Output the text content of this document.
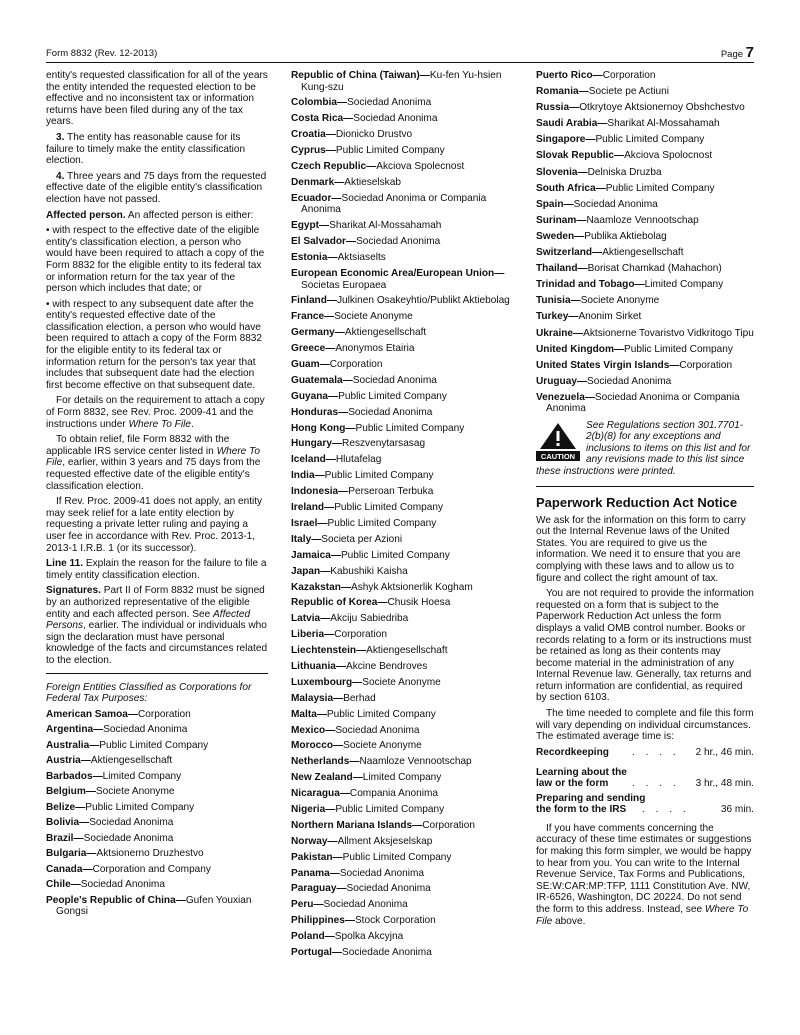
Form 8832 (Rev. 12-2013)	Page 7

entity's requested classification for all of the years the entity intended the requested election to be effective and no inconsistent tax or information returns have been filed during any of the tax years.

3. The entity has reasonable cause for its failure to timely make the entity classification election.

4. Three years and 75 days from the requested effective date of the eligible entity's classification election have not passed.

Affected person. An affected person is either:

• with respect to the effective date of the eligible entity's classification election, a person who would have been required to attach a copy of the Form 8832 for the eligible entity to its federal tax or information return for the tax year of the person which includes that date; or

• with respect to any subsequent date after the entity's requested effective date of the classification election, a person who would have been required to attach a copy of the Form 8832 for the eligible entity to its federal tax or information return for the person's tax year that includes that subsequent date had the election first become effective on that subsequent date.

For details on the requirement to attach a copy of Form 8832, see Rev. Proc. 2009-41 and the instructions under Where To File.

To obtain relief, file Form 8832 with the applicable IRS service center listed in Where To File, earlier, within 3 years and 75 days from the requested effective date of the eligible entity's classification election.

If Rev. Proc. 2009-41 does not apply, an entity may seek relief for a late entity election by requesting a private letter ruling and paying a user fee in accordance with Rev. Proc. 2013-1, 2013-1 I.R.B. 1 (or its successor).

Line 11. Explain the reason for the failure to file a timely entity classification election.

Signatures. Part II of Form 8832 must be signed by an authorized representative of the eligible entity and each affected person. See Affected Persons, earlier. The individual or individuals who sign the declaration must have personal knowledge of the facts and circumstances related to the election.

Foreign Entities Classified as Corporations for Federal Tax Purposes:

American Samoa—Corporation

Argentina—Sociedad Anonima

Australia—Public Limited Company

Austria—Aktiengesellschaft

Barbados—Limited Company

Belgium—Societe Anonyme

Belize—Public Limited Company

Bolivia—Sociedad Anonima

Brazil—Sociedade Anonima

Bulgaria—Aktsionerno Druzhestvo

Canada—Corporation and Company

Chile—Sociedad Anonima

People's Republic of China—Gufen Youxian Gongsi

Republic of China (Taiwan)—Ku-fen Yu-hsien Kung-szu

Colombia—Sociedad Anonima

Costa Rica—Sociedad Anonima

Croatia—Dionicko Drustvo

Cyprus—Public Limited Company

Czech Republic—Akciova Spolecnost

Denmark—Aktieselskab

Ecuador—Sociedad Anonima or Compania Anonima

Egypt—Sharikat Al-Mossahamah

El Salvador—Sociedad Anonima

Estonia—Aktsiaselts

European Economic Area/European Union—Societas Europaea

Finland—Julkinen Osakeyhtio/Publikt Aktiebolag

France—Societe Anonyme

Germany—Aktiengesellschaft

Greece—Anonymos Etairia

Guam—Corporation

Guatemala—Sociedad Anonima

Guyana—Public Limited Company

Honduras—Sociedad Anonima

Hong Kong—Public Limited Company

Hungary—Reszvenytarsasag

Iceland—Hlutafelag

India—Public Limited Company

Indonesia—Perseroan Terbuka

Ireland—Public Limited Company

Israel—Public Limited Company

Italy—Societa per Azioni

Jamaica—Public Limited Company

Japan—Kabushiki Kaisha

Kazakstan—Ashyk Aktsionerlik Kogham

Republic of Korea—Chusik Hoesa

Latvia—Akciju Sabiedriba

Liberia—Corporation

Liechtenstein—Aktiengesellschaft

Lithuania—Akcine Bendroves

Luxembourg—Societe Anonyme

Malaysia—Berhad

Malta—Public Limited Company

Mexico—Sociedad Anonima

Morocco—Societe Anonyme

Netherlands—Naamloze Vennootschap

New Zealand—Limited Company

Nicaragua—Compania Anonima

Nigeria—Public Limited Company

Northern Mariana Islands—Corporation

Norway—Allment Aksjeselskap

Pakistan—Public Limited Company

Panama—Sociedad Anonima

Paraguay—Sociedad Anonima

Peru—Sociedad Anonima

Philippines—Stock Corporation

Poland—Spolka Akcyjna

Portugal—Sociedade Anonima

Puerto Rico—Corporation

Romania—Societe pe Actiuni

Russia—Otkrytoye Aktsionernoy Obshchestvo

Saudi Arabia—Sharikat Al-Mossahamah

Singapore—Public Limited Company

Slovak Republic—Akciova Spolocnost

Slovenia—Delniska Druzba

South Africa—Public Limited Company

Spain—Sociedad Anonima

Surinam—Naamloze Vennootschap

Sweden—Publika Aktiebolag

Switzerland—Aktiengesellschaft

Thailand—Borisat Chamkad (Mahachon)

Trinidad and Tobago—Limited Company

Tunisia—Societe Anonyme

Turkey—Anonim Sirket

Ukraine—Aktsionerne Tovaristvo Vidkritogo Tipu

United Kingdom—Public Limited Company

United States Virgin Islands—Corporation

Uruguay—Sociedad Anonima

Venezuela—Sociedad Anonima or Compania Anonima

CAUTION

See Regulations section 301.7701-2(b)(8) for any exceptions and inclusions to items on this list and for any revisions made to this list since these instructions were printed.

Paperwork Reduction Act Notice

We ask for the information on this form to carry out the Internal Revenue laws of the United States. You are required to give us the information. We need it to ensure that you are complying with these laws and to allow us to figure and collect the right amount of tax.

You are not required to provide the information requested on a form that is subject to the Paperwork Reduction Act unless the form displays a valid OMB control number. Books or records relating to a form or its instructions must be retained as long as their contents may become material in the administration of any Internal Revenue law. Generally, tax returns and return information are confidential, as required by section 6103.

The time needed to complete and file this form will vary depending on individual circumstances. The estimated average time is:

Recordkeeping . . . . 2 hr., 46 min.
Learning about the
law or the form . . . . 3 hr., 48 min.
Preparing and sending
the form to the IRS . . . .	36 min.

If you have comments concerning the accuracy of these time estimates or suggestions for making this form simpler, we would be happy to hear from you. You can write to the Internal Revenue Service, Tax Forms and Publications, SE:W:CAR:MP:TFP, 1111 Constitution Ave. NW, IR-6526, Washington, DC 20224. Do not send the form to this address. Instead, see Where To File above.
